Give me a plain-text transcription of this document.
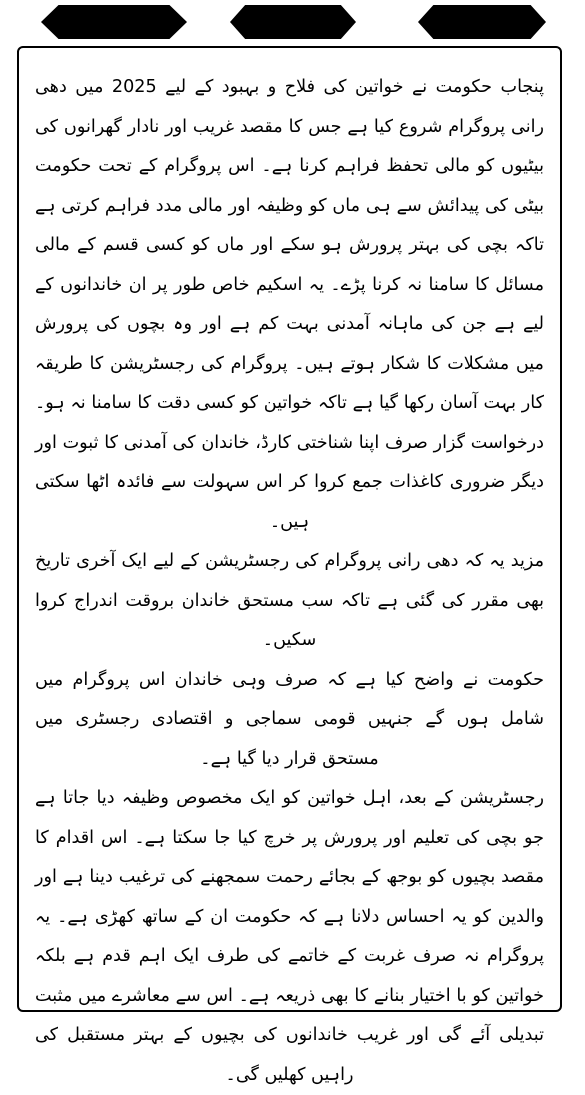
پنجاب حکومت نے خواتین کی فلاح و بہبود کے لیے 2025 میں دھی رانی پروگرام شروع کیا ہے جس کا مقصد غریب اور نادار گھرانوں کی بیٹیوں کو مالی تحفظ فراہم کرنا ہے۔ اس پروگرام کے تحت حکومت بیٹی کی پیدائش سے ہی ماں کو وظیفہ اور مالی مدد فراہم کرتی ہے تاکہ بچی کی بہتر پرورش ہو سکے اور ماں کو کسی قسم کے مالی مسائل کا سامنا نہ کرنا پڑے۔ یہ اسکیم خاص طور پر ان خاندانوں کے لیے ہے جن کی ماہانہ آمدنی بہت کم ہے اور وہ بچوں کی پرورش میں مشکلات کا شکار ہوتے ہیں۔ پروگرام کی رجسٹریشن کا طریقہ کار بہت آسان رکھا گیا ہے تاکہ خواتین کو کسی دقت کا سامنا نہ ہو۔ درخواست گزار صرف اپنا شناختی کارڈ، خاندان کی آمدنی کا ثبوت اور دیگر ضروری کاغذات جمع کروا کر اس سہولت سے فائدہ اٹھا سکتی ہیں۔

مزید یہ کہ دھی رانی پروگرام کی رجسٹریشن کے لیے ایک آخری تاریخ بھی مقرر کی گئی ہے تاکہ سب مستحق خاندان بروقت اندراج کروا سکیں۔

حکومت نے واضح کیا ہے کہ صرف وہی خاندان اس پروگرام میں شامل ہوں گے جنہیں قومی سماجی و اقتصادی رجسٹری میں مستحق قرار دیا گیا ہے۔

رجسٹریشن کے بعد، اہل خواتین کو ایک مخصوص وظیفہ دیا جاتا ہے جو بچی کی تعلیم اور پرورش پر خرچ کیا جا سکتا ہے۔ اس اقدام کا مقصد بچیوں کو بوجھ کے بجائے رحمت سمجھنے کی ترغیب دینا ہے اور والدین کو یہ احساس دلانا ہے کہ حکومت ان کے ساتھ کھڑی ہے۔ یہ پروگرام نہ صرف غربت کے خاتمے کی طرف ایک اہم قدم ہے بلکہ خواتین کو با اختیار بنانے کا بھی ذریعہ ہے۔ اس سے معاشرے میں مثبت تبدیلی آئے گی اور غریب خاندانوں کی بچیوں کے بہتر مستقبل کی راہیں کھلیں گی۔
